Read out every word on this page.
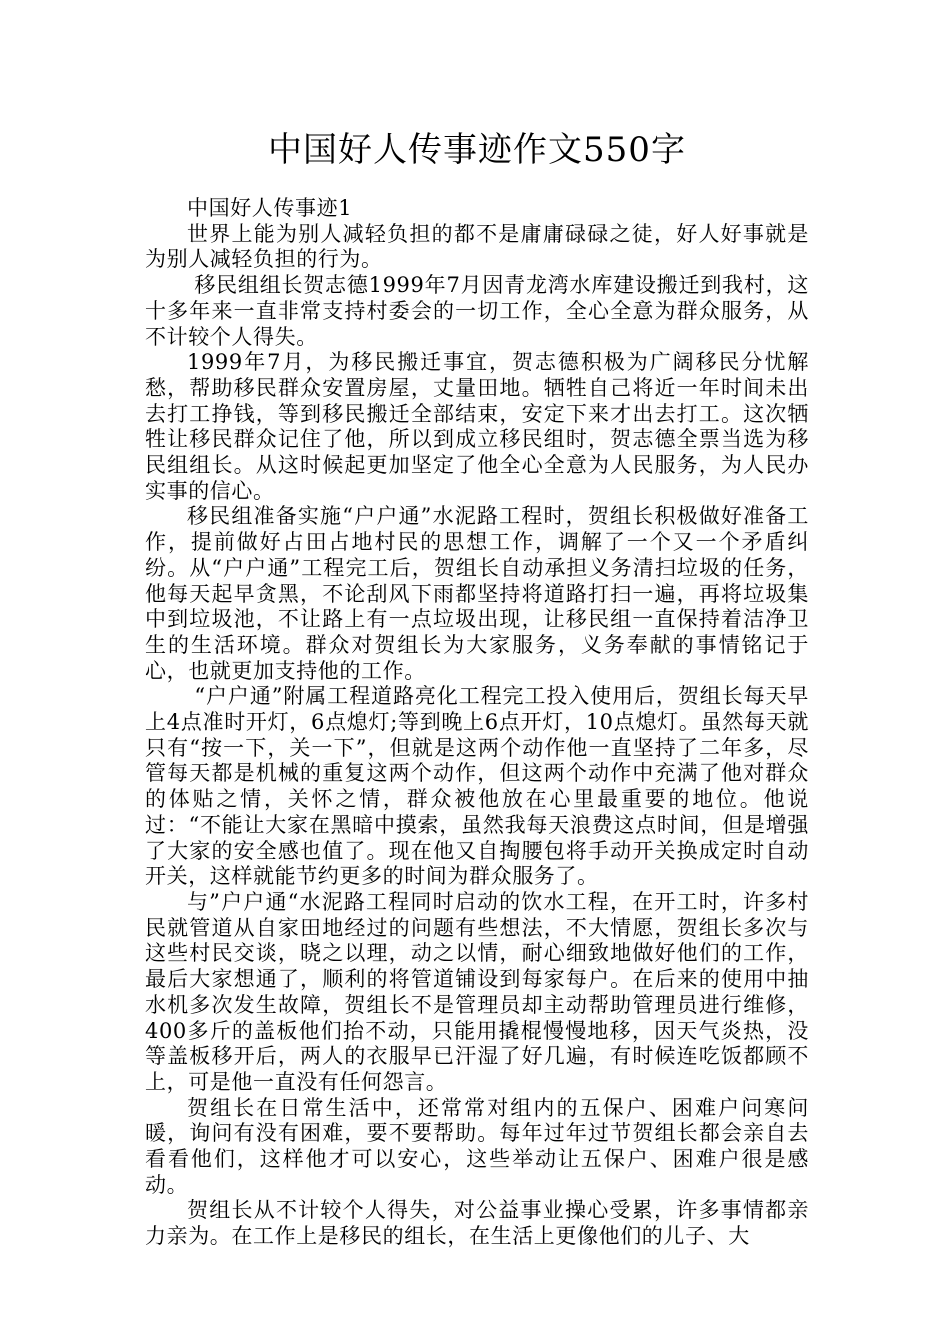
中国好人传事迹作文550字

中国好人传事迹1

世界上能为别人减轻负担的都不是庸庸碌碌之徒，好人好事就是为别人减轻负担的行为。

移民组组长贺志德1999年7月因青龙湾水库建设搬迁到我村，这十多年来一直非常支持村委会的一切工作，全心全意为群众服务，从不计较个人得失。

1999年7月，为移民搬迁事宜，贺志德积极为广阔移民分忧解愁，帮助移民群众安置房屋，丈量田地。牺牲自己将近一年时间未出去打工挣钱，等到移民搬迁全部结束，安定下来才出去打工。这次牺牲让移民群众记住了他，所以到成立移民组时，贺志德全票当选为移民组组长。从这时候起更加坚定了他全心全意为人民服务，为人民办实事的信心。

移民组准备实施“户户通”水泥路工程时，贺组长积极做好准备工作，提前做好占田占地村民的思想工作，调解了一个又一个矛盾纠纷。从“户户通”工程完工后，贺组长自动承担义务清扫垃圾的任务，他每天起早贪黑，不论刮风下雨都坚持将道路打扫一遍，再将垃圾集中到垃圾池，不让路上有一点垃圾出现，让移民组一直保持着洁净卫生的生活环境。群众对贺组长为大家服务，义务奉献的事情铭记于心，也就更加支持他的工作。

“户户通”附属工程道路亮化工程完工投入使用后，贺组长每天早上4点准时开灯，6点熄灯;等到晚上6点开灯，10点熄灯。虽然每天就只有“按一下，关一下”，但就是这两个动作他一直坚持了二年多，尽管每天都是机械的重复这两个动作，但这两个动作中充满了他对群众的体贴之情，关怀之情，群众被他放在心里最重要的地位。他说过：“不能让大家在黑暗中摸索，虽然我每天浪费这点时间，但是增强了大家的安全感也值了。现在他又自掏腰包将手动开关换成定时自动开关，这样就能节约更多的时间为群众服务了。

与”户户通“水泥路工程同时启动的饮水工程，在开工时，许多村民就管道从自家田地经过的问题有些想法，不大情愿，贺组长多次与这些村民交谈，晓之以理，动之以情，耐心细致地做好他们的工作，最后大家想通了，顺利的将管道铺设到每家每户。在后来的使用中抽水机多次发生故障，贺组长不是管理员却主动帮助管理员进行维修，400多斤的盖板他们抬不动，只能用撬棍慢慢地移，因天气炎热，没等盖板移开后，两人的衣服早已汗湿了好几遍，有时候连吃饭都顾不上，可是他一直没有任何怨言。

贺组长在日常生活中，还常常对组内的五保户、困难户问寒问暖，询问有没有困难，要不要帮助。每年过年过节贺组长都会亲自去看看他们，这样他才可以安心，这些举动让五保户、困难户很是感动。

贺组长从不计较个人得失，对公益事业操心受累，许多事情都亲力亲为。在工作上是移民的组长，在生活上更像他们的儿子、大
